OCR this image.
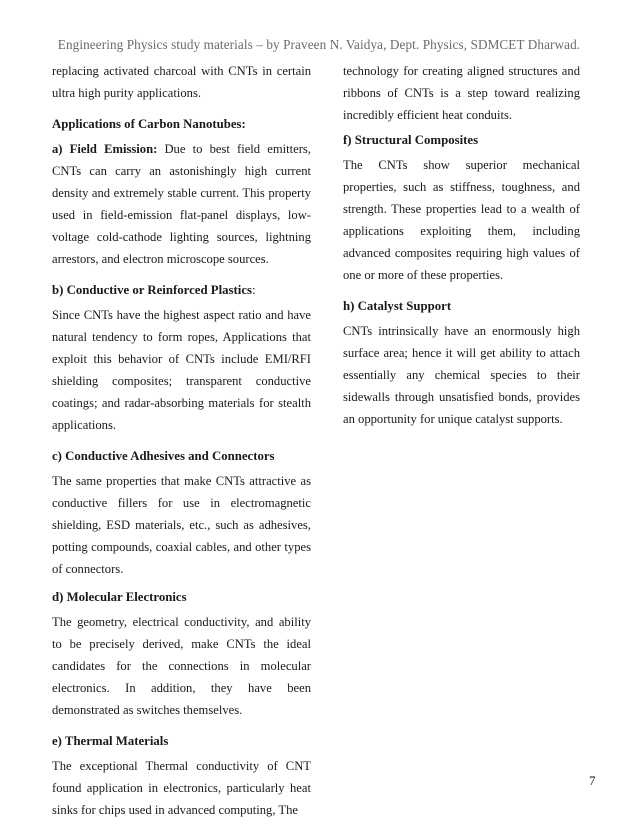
Engineering Physics study materials – by Praveen N. Vaidya, Dept. Physics, SDMCET Dharwad.

replacing activated charcoal with CNTs in certain ultra high purity applications.

Applications of Carbon Nanotubes:

a) Field Emission: Due to best field emitters, CNTs can carry an astonishingly high current density and extremely stable current. This property used in field-emission flat-panel displays, low-voltage cold-cathode lighting sources, lightning arrestors, and electron microscope sources.

b) Conductive or Reinforced Plastics:

Since CNTs have the highest aspect ratio and have natural tendency to form ropes, Applications that exploit this behavior of CNTs include EMI/RFI shielding composites; transparent conductive coatings; and radar-absorbing materials for stealth applications.

c) Conductive Adhesives and Connectors

The same properties that make CNTs attractive as conductive fillers for use in electromagnetic shielding, ESD materials, etc., such as adhesives, potting compounds, coaxial cables, and other types of connectors.

d) Molecular Electronics

The geometry, electrical conductivity, and ability to be precisely derived, make CNTs the ideal candidates for the connections in molecular electronics. In addition, they have been demonstrated as switches themselves.

e) Thermal Materials

The exceptional Thermal conductivity of CNT found application in electronics, particularly heat sinks for chips used in advanced computing, The

technology for creating aligned structures and ribbons of CNTs is a step toward realizing incredibly efficient heat conduits.

f) Structural Composites

The CNTs show superior mechanical properties, such as stiffness, toughness, and strength. These properties lead to a wealth of applications exploiting them, including advanced composites requiring high values of one or more of these properties.

h) Catalyst Support

CNTs intrinsically have an enormously high surface area; hence it will get ability to attach essentially any chemical species to their sidewalls through unsatisfied bonds, provides an opportunity for unique catalyst supports.

7
